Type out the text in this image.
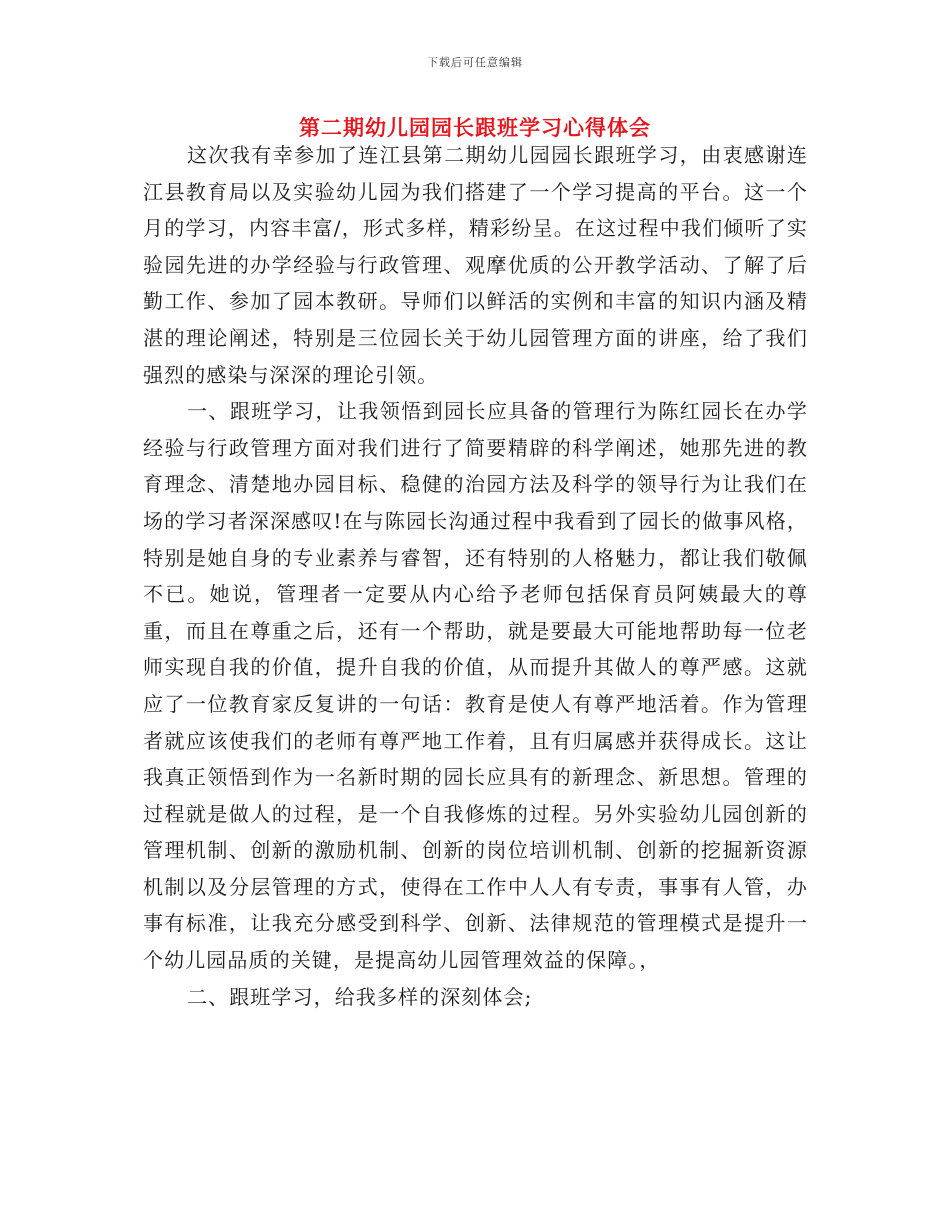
下载后可任意编辑
第二期幼儿园园长跟班学习心得体会

这次我有幸参加了连江县第二期幼儿园园长跟班学习，由衷感谢连江县教育局以及实验幼儿园为我们搭建了一个学习提高的平台。这一个月的学习，内容丰富/，形式多样，精彩纷呈。在这过程中我们倾听了实验园先进的办学经验与行政管理、观摩优质的公开教学活动、了解了后勤工作、参加了园本教研。导师们以鲜活的实例和丰富的知识内涵及精湛的理论阐述，特别是三位园长关于幼儿园管理方面的讲座，给了我们强烈的感染与深深的理论引领。

一、跟班学习，让我领悟到园长应具备的管理行为陈红园长在办学经验与行政管理方面对我们进行了简要精辟的科学阐述，她那先进的教育理念、清楚地办园目标、稳健的治园方法及科学的领导行为让我们在场的学习者深深感叹!在与陈园长沟通过程中我看到了园长的做事风格，特别是她自身的专业素养与睿智，还有特别的人格魅力，都让我们敬佩不已。她说，管理者一定要从内心给予老师包括保育员阿姨最大的尊重，而且在尊重之后，还有一个帮助，就是要最大可能地帮助每一位老师实现自我的价值，提升自我的价值，从而提升其做人的尊严感。这就应了一位教育家反复讲的一句话：教育是使人有尊严地活着。作为管理者就应该使我们的老师有尊严地工作着，且有归属感并获得成长。这让我真正领悟到作为一名新时期的园长应具有的新理念、新思想。管理的过程就是做人的过程，是一个自我修炼的过程。另外实验幼儿园创新的管理机制、创新的激励机制、创新的岗位培训机制、创新的挖掘新资源机制以及分层管理的方式，使得在工作中人人有专责，事事有人管，办事有标准，让我充分感受到科学、创新、法律规范的管理模式是提升一个幼儿园品质的关键，是提高幼儿园管理效益的保障。，

二、跟班学习，给我多样的深刻体会;
